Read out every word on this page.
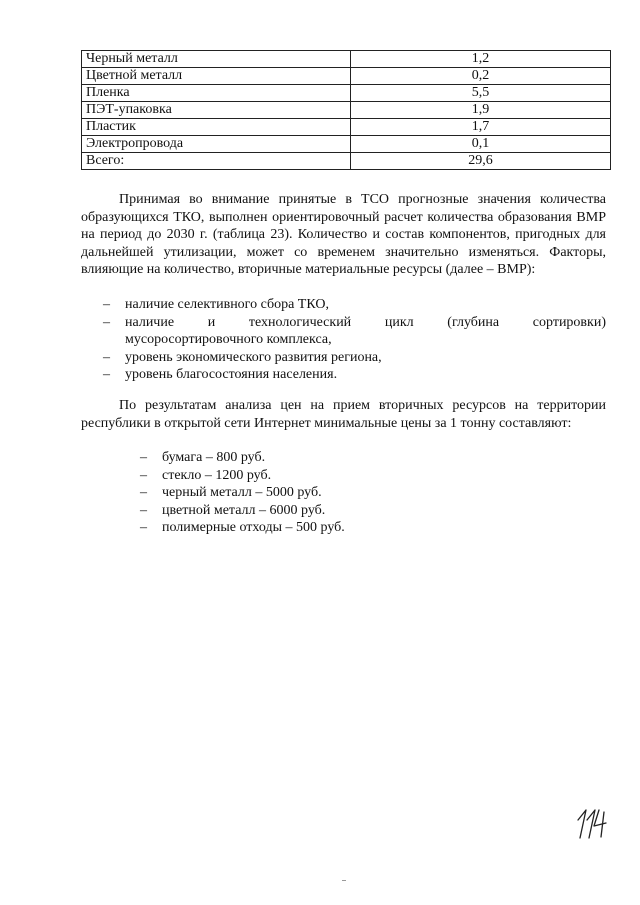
Черный металл	1,2
Цветной металл	0,2
Пленка	5,5
ПЭТ-упаковка	1,9
Пластик	1,7
Электропровода	0,1
Всего:	29,6

Принимая во внимание принятые в ТСО прогнозные значения количества образующихся ТКО, выполнен ориентировочный расчет количества образования ВМР на период до 2030 г. (таблица 23). Количество и состав компонентов, пригодных для дальнейшей утилизации, может со временем значительно изменяться. Факторы, влияющие на количество, вторичные материальные ресурсы (далее – ВМР):

– наличие селективного сбора ТКО,
– наличие и технологический цикл (глубина сортировки)
мусоросортировочного комплекса,
– уровень экономического развития региона,
– уровень благосостояния населения.

По результатам анализа цен на прием вторичных ресурсов на территории республики в открытой сети Интернет минимальные цены за 1 тонну составляют:

– бумага – 800 руб.
– стекло – 1200 руб.
– черный металл – 5000 руб.
– цветной металл – 6000 руб.
– полимерные отходы – 500 руб.
